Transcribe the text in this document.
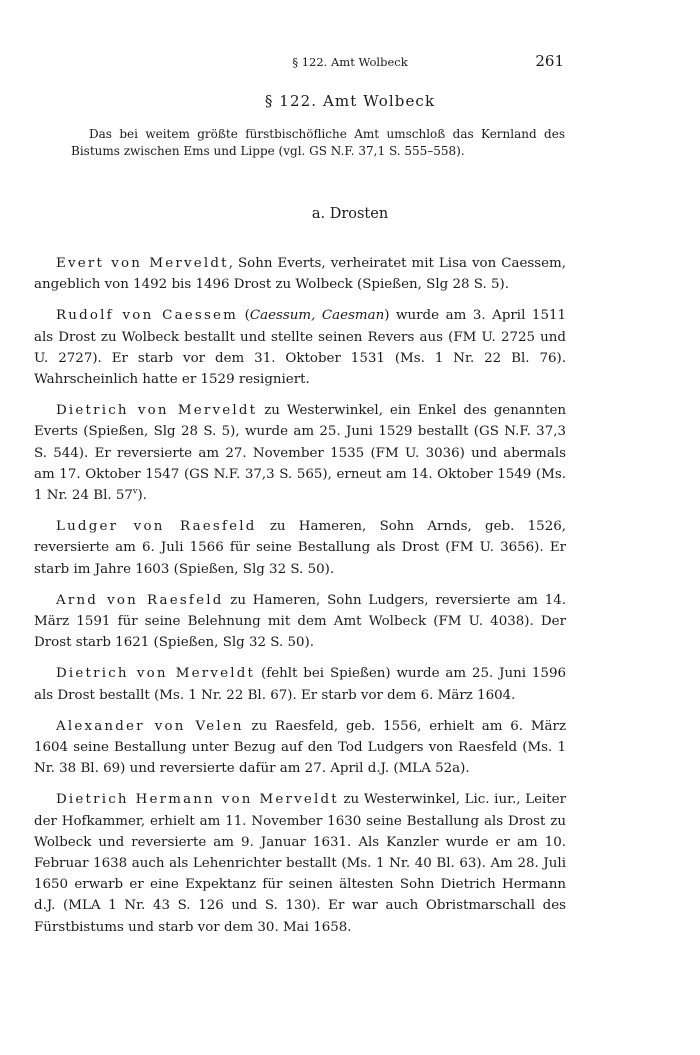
§ 122. Amt Wolbeck	261
§ 122. Amt Wolbeck

Das bei weitem größte fürstbischöfliche Amt umschloß das Kernland des Bistums zwischen Ems und Lippe (vgl. GS N.F. 37,1 S. 555–558).

a. Drosten

Evert von Merveldt, Sohn Everts, verheiratet mit Lisa von Caessem, angeblich von 1492 bis 1496 Drost zu Wolbeck (Spießen, Slg 28 S. 5).

Rudolf von Caessem (Caessum, Caesman) wurde am 3. April 1511 als Drost zu Wolbeck bestallt und stellte seinen Revers aus (FM U. 2725 und U. 2727). Er starb vor dem 31. Oktober 1531 (Ms. 1 Nr. 22 Bl. 76). Wahrscheinlich hatte er 1529 resigniert.

Dietrich von Merveldt zu Westerwinkel, ein Enkel des genannten Everts (Spießen, Slg 28 S. 5), wurde am 25. Juni 1529 bestallt (GS N.F. 37,3 S. 544). Er reversierte am 27. November 1535 (FM U. 3036) und abermals am 17. Oktober 1547 (GS N.F. 37,3 S. 565), erneut am 14. Oktober 1549 (Ms. 1 Nr. 24 Bl. 57$^v$).

Ludger von Raesfeld zu Hameren, Sohn Arnds, geb. 1526, reversierte am 6. Juli 1566 für seine Bestallung als Drost (FM U. 3656). Er starb im Jahre 1603 (Spießen, Slg 32 S. 50).

Arnd von Raesfeld zu Hameren, Sohn Ludgers, reversierte am 14. März 1591 für seine Belehnung mit dem Amt Wolbeck (FM U. 4038). Der Drost starb 1621 (Spießen, Slg 32 S. 50).

Dietrich von Merveldt (fehlt bei Spießen) wurde am 25. Juni 1596 als Drost bestallt (Ms. 1 Nr. 22 Bl. 67). Er starb vor dem 6. März 1604.

Alexander von Velen zu Raesfeld, geb. 1556, erhielt am 6. März 1604 seine Bestallung unter Bezug auf den Tod Ludgers von Raesfeld (Ms. 1 Nr. 38 Bl. 69) und reversierte dafür am 27. April d.J. (MLA 52a).

Dietrich Hermann von Merveldt zu Westerwinkel, Lic. iur., Leiter der Hofkammer, erhielt am 11. November 1630 seine Bestallung als Drost zu Wolbeck und reversierte am 9. Januar 1631. Als Kanzler wurde er am 10. Februar 1638 auch als Lehenrichter bestallt (Ms. 1 Nr. 40 Bl. 63). Am 28. Juli 1650 erwarb er eine Expektanz für seinen ältesten Sohn Dietrich Hermann d.J. (MLA 1 Nr. 43 S. 126 und S. 130). Er war auch Obristmarschall des Fürstbistums und starb vor dem 30. Mai 1658.
